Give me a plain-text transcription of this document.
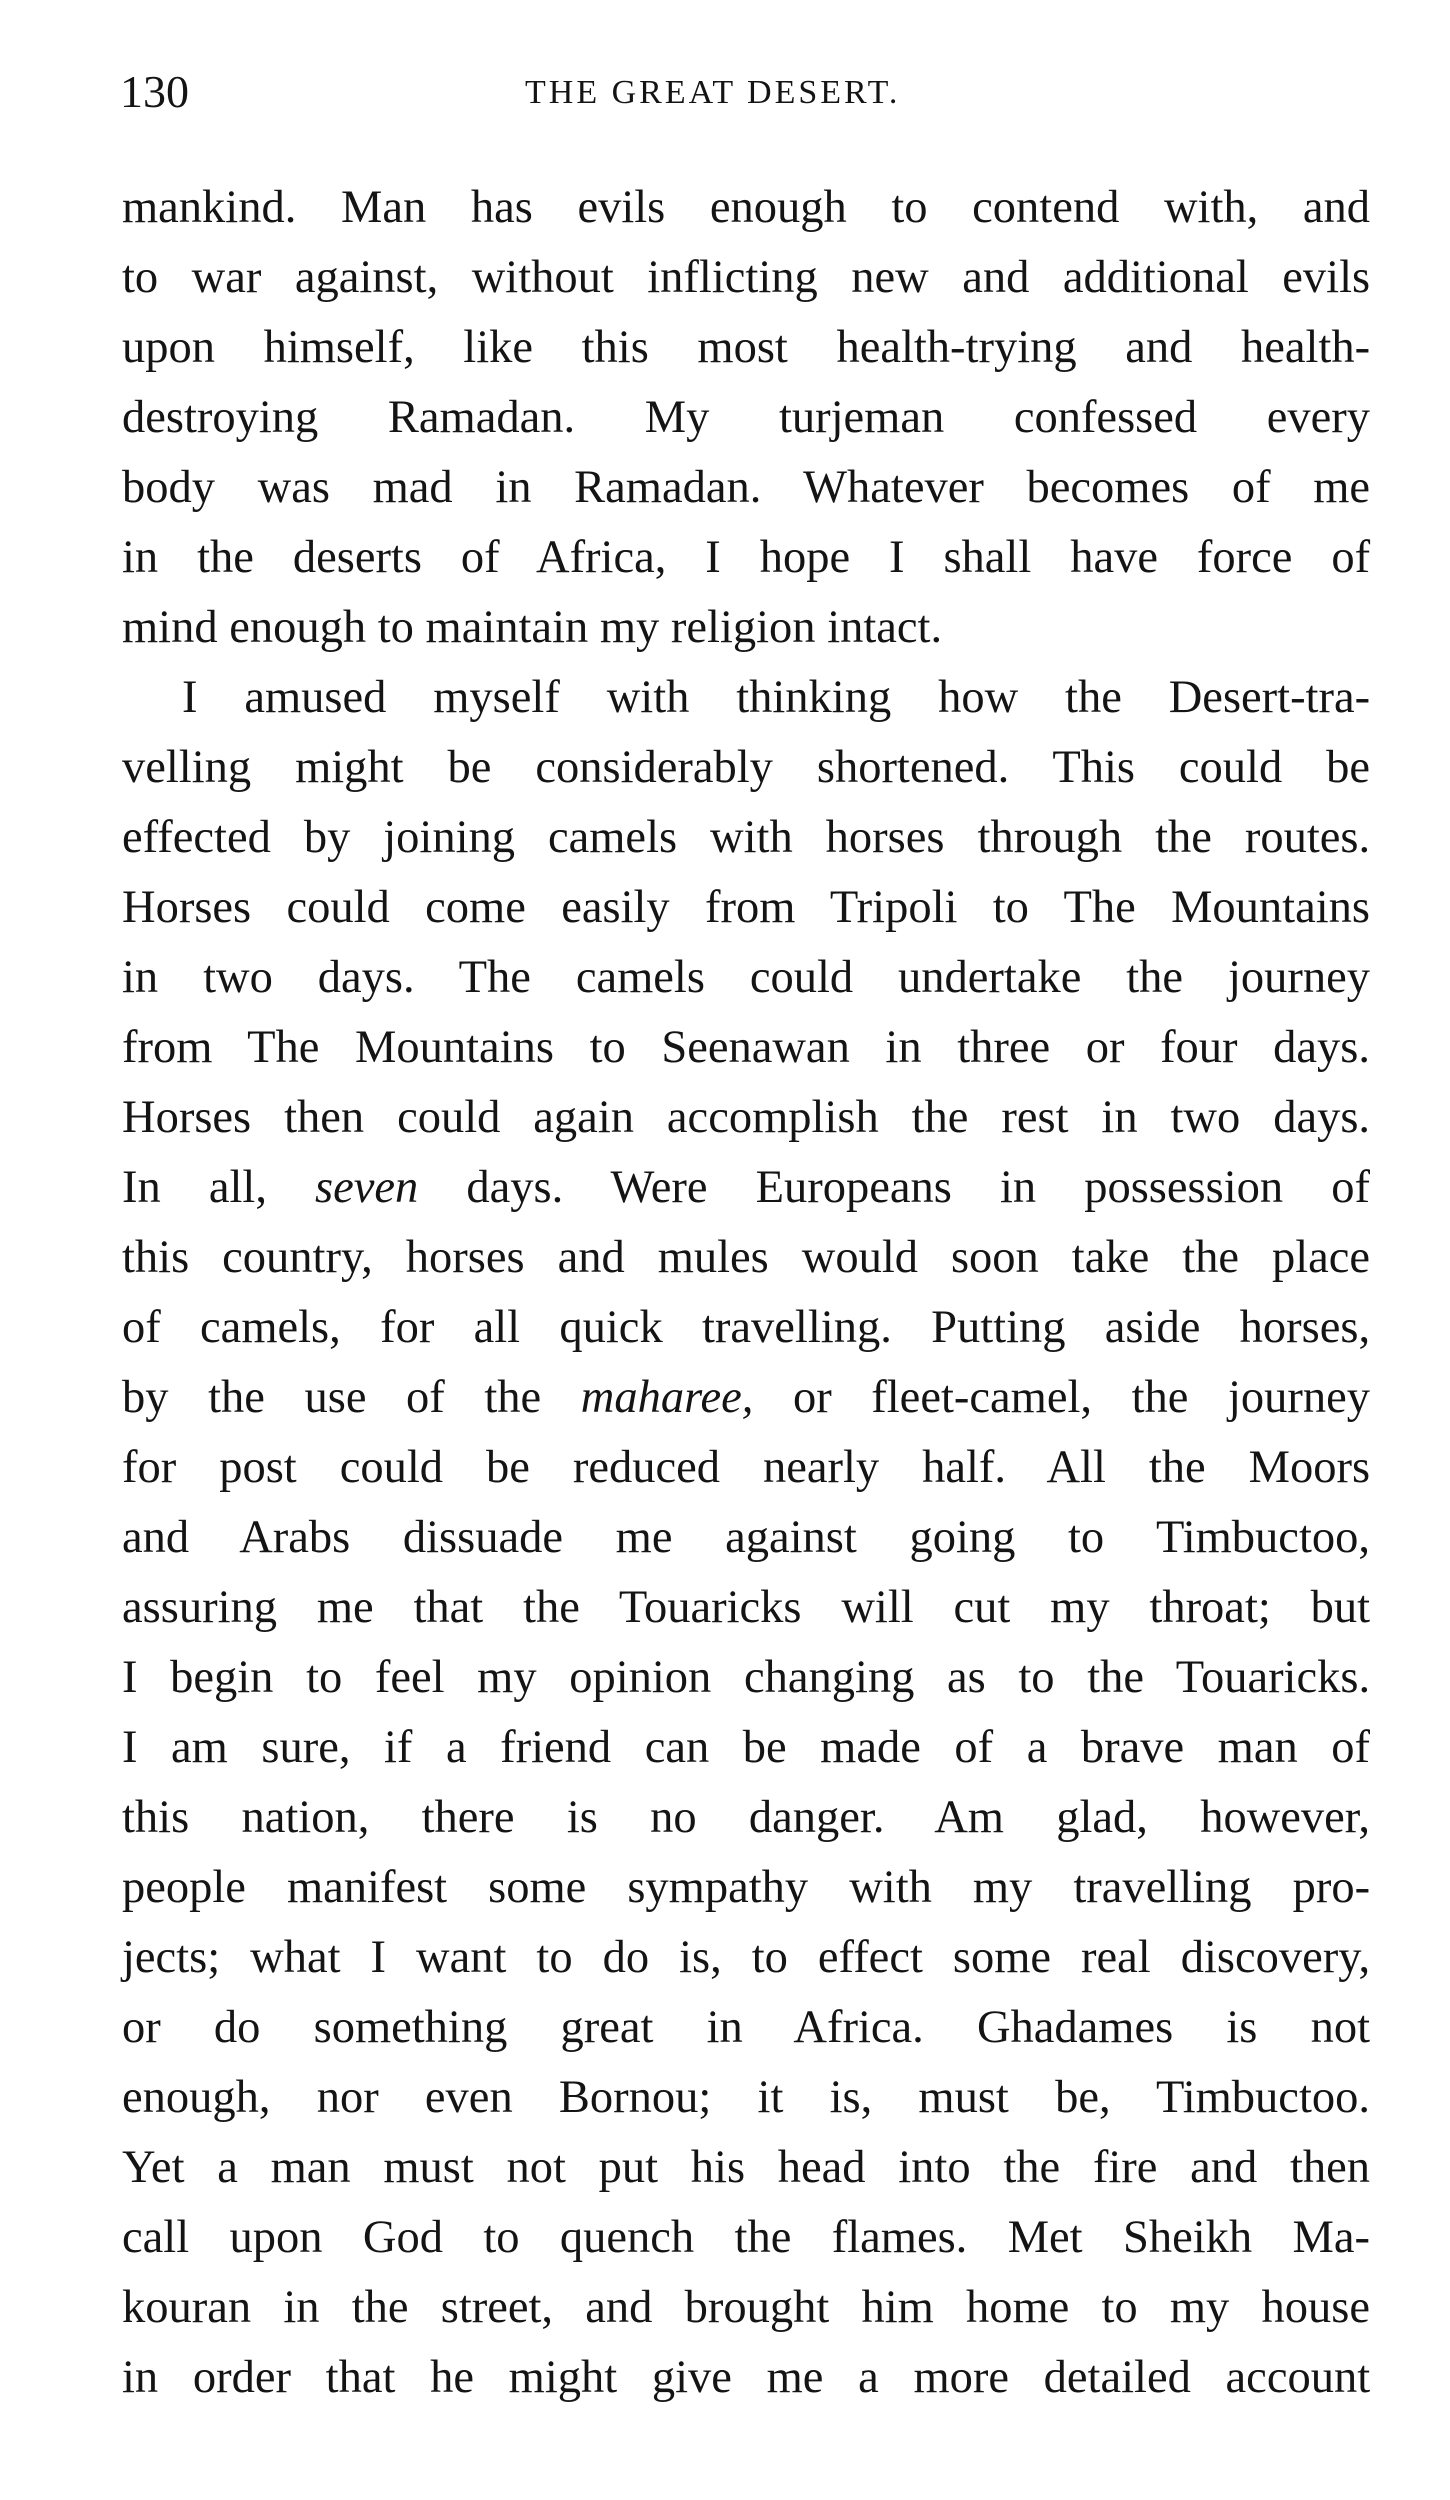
130	THE GREAT DESERT.
mankind. Man has evils enough to contend with, and
to war against, without inflicting new and additional evils
upon himself, like this most health-trying and health-
destroying Ramadan. My turjeman confessed every
body was mad in Ramadan. Whatever becomes of me
in the deserts of Africa, I hope I shall have force of
mind enough to maintain my religion intact.
I amused myself with thinking how the Desert-tra-
velling might be considerably shortened. This could be
effected by joining camels with horses through the routes.
Horses could come easily from Tripoli to The Mountains
in two days. The camels could undertake the journey
from The Mountains to Seenawan in three or four days.
Horses then could again accomplish the rest in two days.
In all, seven days. Were Europeans in possession of
this country, horses and mules would soon take the place
of camels, for all quick travelling. Putting aside horses,
by the use of the maharee, or fleet-camel, the journey
for post could be reduced nearly half. All the Moors
and Arabs dissuade me against going to Timbuctoo,
assuring me that the Touaricks will cut my throat; but
I begin to feel my opinion changing as to the Touaricks.
I am sure, if a friend can be made of a brave man of
this nation, there is no danger. Am glad, however,
people manifest some sympathy with my travelling pro-
jects; what I want to do is, to effect some real discovery,
or do something great in Africa. Ghadames is not
enough, nor even Bornou; it is, must be, Timbuctoo.
Yet a man must not put his head into the fire and then
call upon God to quench the flames. Met Sheikh Ma-
kouran in the street, and brought him home to my house
in order that he might give me a more detailed account
